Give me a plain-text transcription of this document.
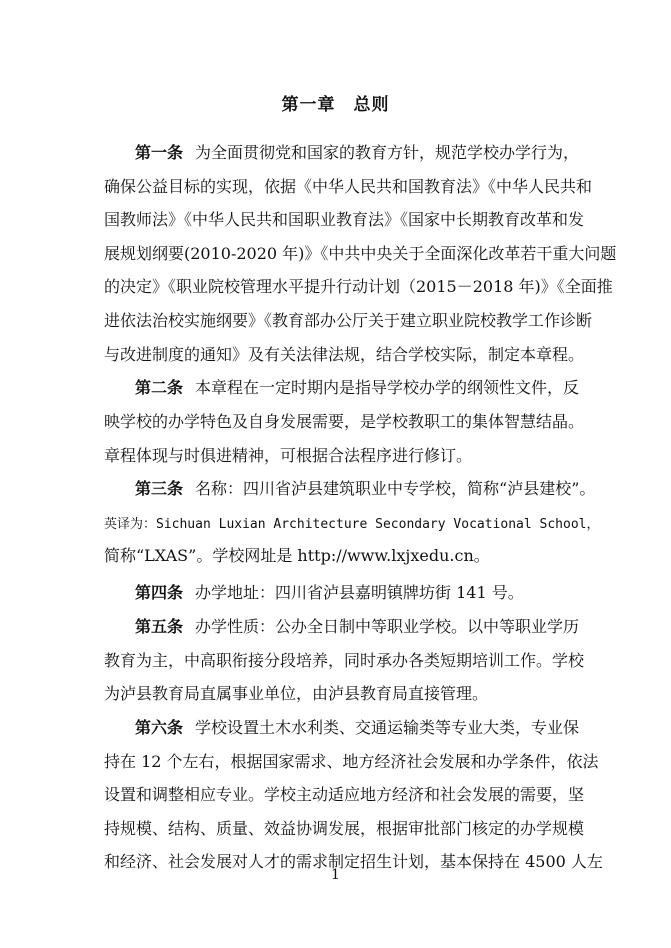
第一章 总则
第一条 为全面贯彻党和国家的教育方针，规范学校办学行为，
确保公益目标的实现，依据《中华人民共和国教育法》《中华人民共和
国教师法》《中华人民共和国职业教育法》《国家中长期教育改革和发
展规划纲要(2010-2020 年)》《中共中央关于全面深化改革若干重大问题
的决定》《职业院校管理水平提升行动计划（2015－2018 年)》《全面推
进依法治校实施纲要》《教育部办公厅关于建立职业院校教学工作诊断
与改进制度的通知》及有关法律法规，结合学校实际，制定本章程。
第二条 本章程在一定时期内是指导学校办学的纲领性文件，反
映学校的办学特色及自身发展需要，是学校教职工的集体智慧结晶。
章程体现与时俱进精神，可根据合法程序进行修订。
第三条 名称：四川省泸县建筑职业中专学校，简称“泸县建校”。
英译为：Sichuan Luxian Architecture Secondary Vocational School，
简称“LXAS”。学校网址是 http://www.lxjxedu.cn。
第四条 办学地址：四川省泸县嘉明镇牌坊街 141 号。
第五条 办学性质：公办全日制中等职业学校。以中等职业学历
教育为主，中高职衔接分段培养，同时承办各类短期培训工作。学校
为泸县教育局直属事业单位，由泸县教育局直接管理。
第六条 学校设置土木水利类、交通运输类等专业大类，专业保
持在 12 个左右，根据国家需求、地方经济社会发展和办学条件，依法
设置和调整相应专业。学校主动适应地方经济和社会发展的需要，坚
持规模、结构、质量、效益协调发展，根据审批部门核定的办学规模
和经济、社会发展对人才的需求制定招生计划，基本保持在 4500 人左
1
